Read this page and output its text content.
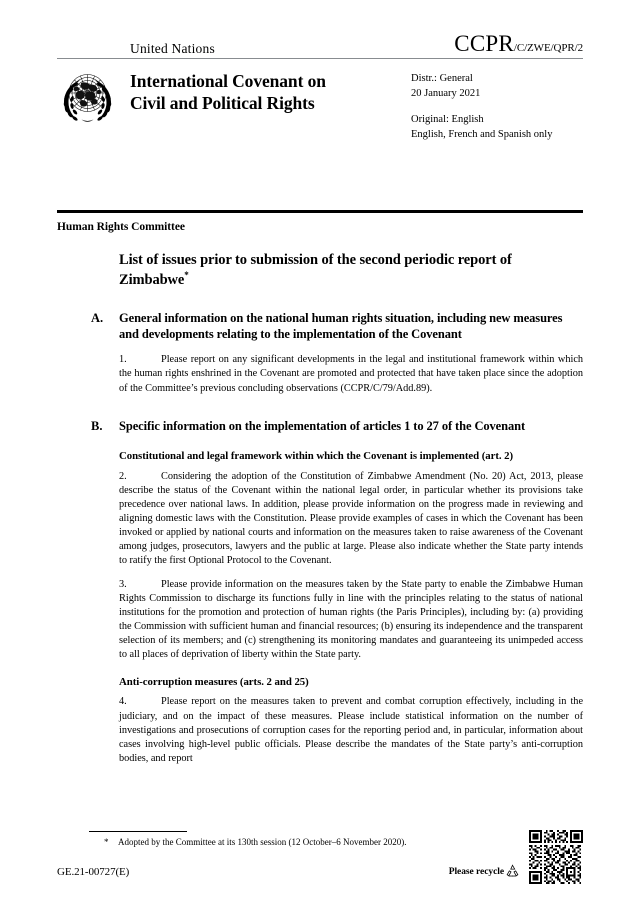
United Nations	CCPR/C/ZWE/QPR/2
International Covenant on
Civil and Political Rights
Distr.: General
20 January 2021
Original: English
English, French and Spanish only
Human Rights Committee
List of issues prior to submission of the second periodic report of Zimbabwe*
A.	General information on the national human rights situation, including new measures and developments relating to the implementation of the Covenant
1.	Please report on any significant developments in the legal and institutional framework within which the human rights enshrined in the Covenant are promoted and protected that have taken place since the adoption of the Committee’s previous concluding observations (CCPR/C/79/Add.89).
B.	Specific information on the implementation of articles 1 to 27 of the Covenant
Constitutional and legal framework within which the Covenant is implemented (art. 2)
2.	Considering the adoption of the Constitution of Zimbabwe Amendment (No. 20) Act, 2013, please describe the status of the Covenant within the national legal order, in particular whether its provisions take precedence over national laws. In addition, please provide information on the progress made in reviewing and aligning domestic laws with the Constitution. Please provide examples of cases in which the Covenant has been invoked or applied by national courts and information on the measures taken to raise awareness of the Covenant among judges, prosecutors, lawyers and the public at large. Please also indicate whether the State party intends to ratify the first Optional Protocol to the Covenant.
3.	Please provide information on the measures taken by the State party to enable the Zimbabwe Human Rights Commission to discharge its functions fully in line with the principles relating to the status of national institutions for the promotion and protection of human rights (the Paris Principles), including by: (a) providing the Commission with sufficient human and financial resources; (b) ensuring its independence and the transparent selection of its members; and (c) strengthening its monitoring mandates and guaranteeing its unimpeded access to all places of deprivation of liberty within the State party.
Anti-corruption measures (arts. 2 and 25)
4.	Please report on the measures taken to prevent and combat corruption effectively, including in the judiciary, and on the impact of these measures. Please include statistical information on the number of investigations and prosecutions of corruption cases for the reporting period and, in particular, information about cases involving high-level public officials. Please describe the mandates of the State party’s anti-corruption bodies, and report
* Adopted by the Committee at its 130th session (12 October–6 November 2020).
GE.21-00727(E)	Please recycle
